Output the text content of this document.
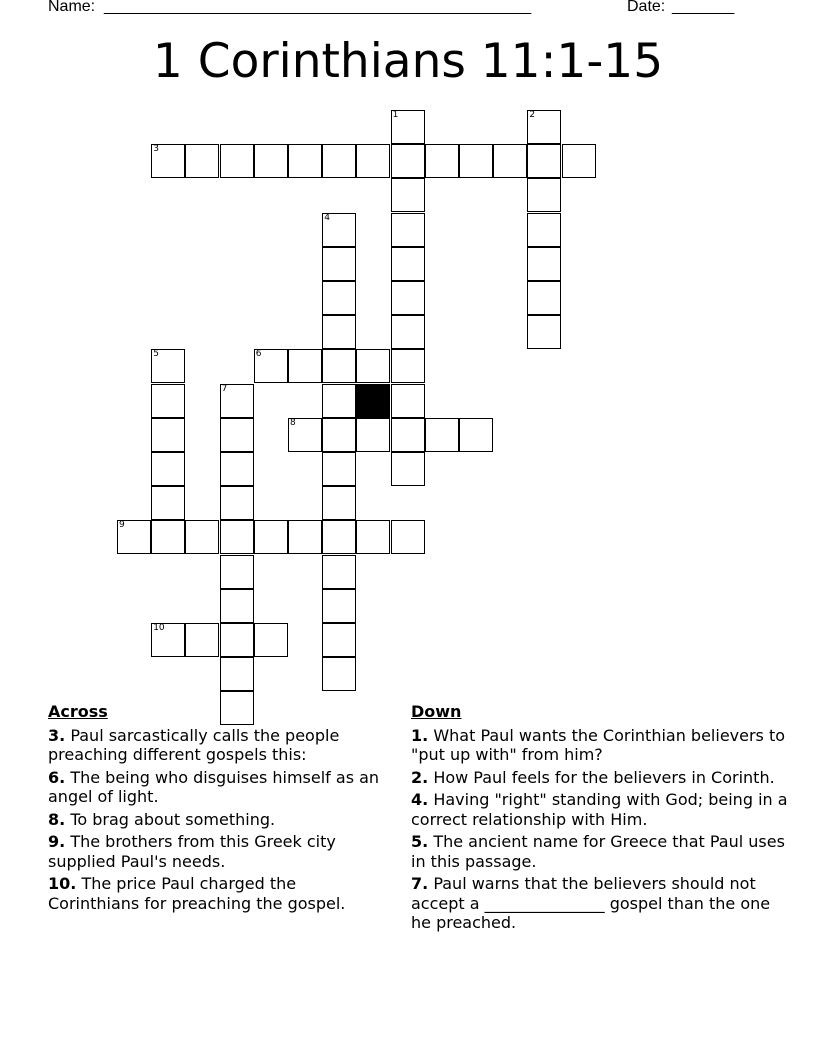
Name: ________________________________________________	Date: _______
1 Corinthians 11:1-15
3
1	2
4
6
8
5
7
9
10
Across
3. Paul sarcastically calls the people preaching different gospels this:
6. The being who disguises himself as an angel of light.
8. To brag about something.
9. The brothers from this Greek city supplied Paul's needs.
10. The price Paul charged the Corinthians for preaching the gospel.
Down
1. What Paul wants the Corinthian believers to "put up with" from him?
2. How Paul feels for the believers in Corinth.
4. Having "right" standing with God; being in a correct relationship with Him.
5. The ancient name for Greece that Paul uses in this passage.
7. Paul warns that the believers should not accept a _______________ gospel than the one he preached.
